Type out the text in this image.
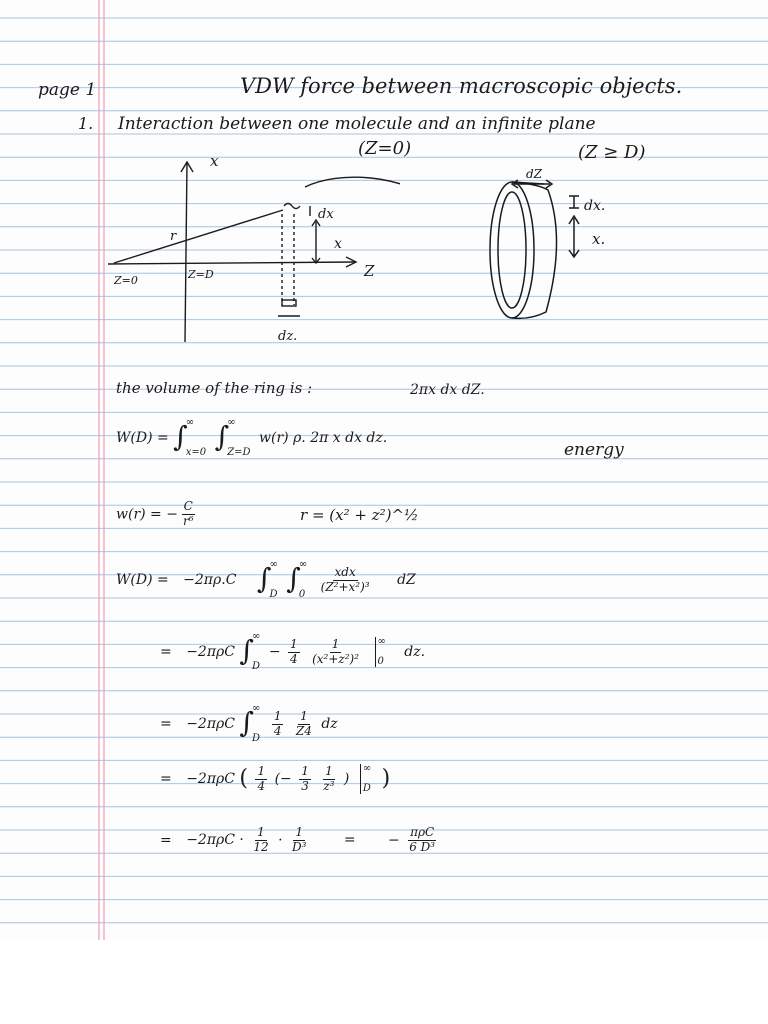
page 1	VDW force between macroscopic objects.
1. Interaction between one molecule and an infinite plane
(Z=0)	(Z ≥ D)
x
Z
r
dx
x
Z=0	Z=D
dz.
dZ
dx.
x.
the volume of the ring is :	2πx dx dZ.
W(D) = ∫
∞
x=0 ∫
∞
Z=D
w(r) ρ. 2π x dx dz.
energy
w(r) = − $\frac{C}{\text{r⁶}}$	r = (x² + z²)^½
W(D) = −2πρ.C ∫
∞
D ∫
∞
0

$\frac{\text{xdx}}{\text{(Z²+x²)³}}$ dZ
= −2πρC ∫
∞
D
− $\frac{1}{4}$
$\frac{1}{\text{(x²+z²)²}}$
∞
0
dz.
= −2πρC ∫
∞
D

$\frac{1}{4}$
$\frac{1}{Z4}$ dz
= −2πρC ( $\frac{1}{4}$ (− $\frac{1}{3}$
$\frac{1}{\text{z³}}$ )
∞
D )
= $-2\pi\rho C \cdot \frac{1}{12} \cdot \frac{1}{\text{D³}}$	= − $\frac{\text{πρC}}{\text{6 D³}}$
